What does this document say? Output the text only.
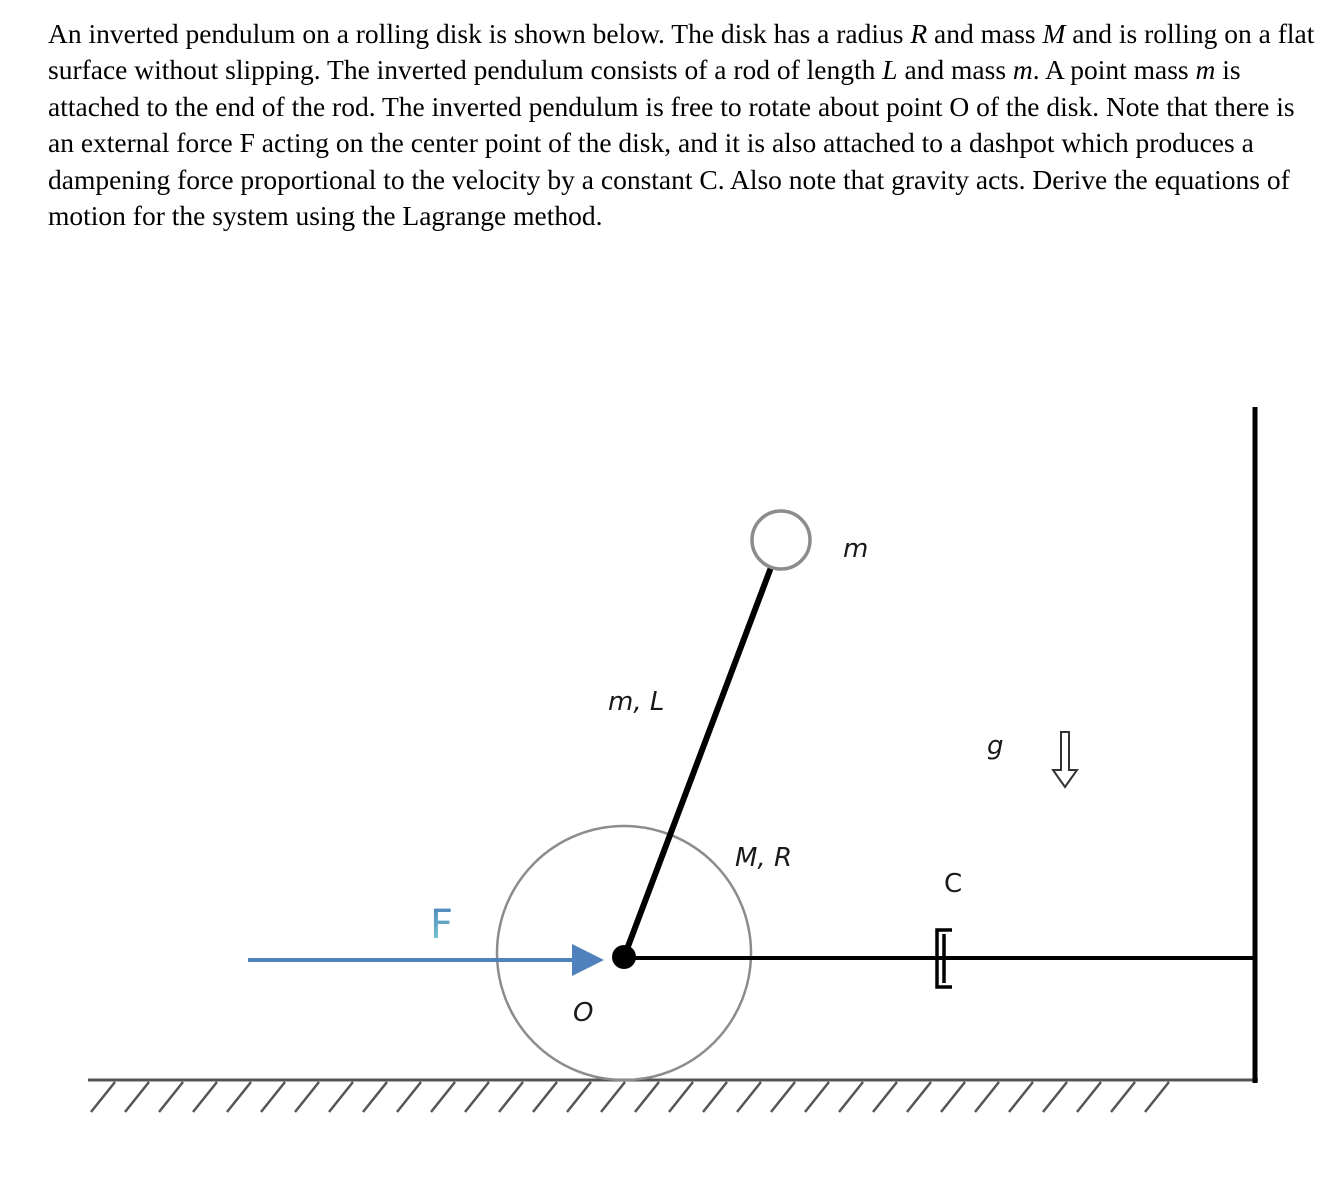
An inverted pendulum on a rolling disk is shown below. The disk has a radius R and mass M and is rolling on a flat surface without slipping. The inverted pendulum consists of a rod of length L and mass m. A point mass m is attached to the end of the rod. The inverted pendulum is free to rotate about point O of the disk. Note that there is an external force F acting on the center point of the disk, and it is also attached to a dashpot which produces a dampening force proportional to the velocity by a constant C. Also note that gravity acts. Derive the equations of motion for the system using the Lagrange method.
m
m, L
M, R
g
C
F
O
